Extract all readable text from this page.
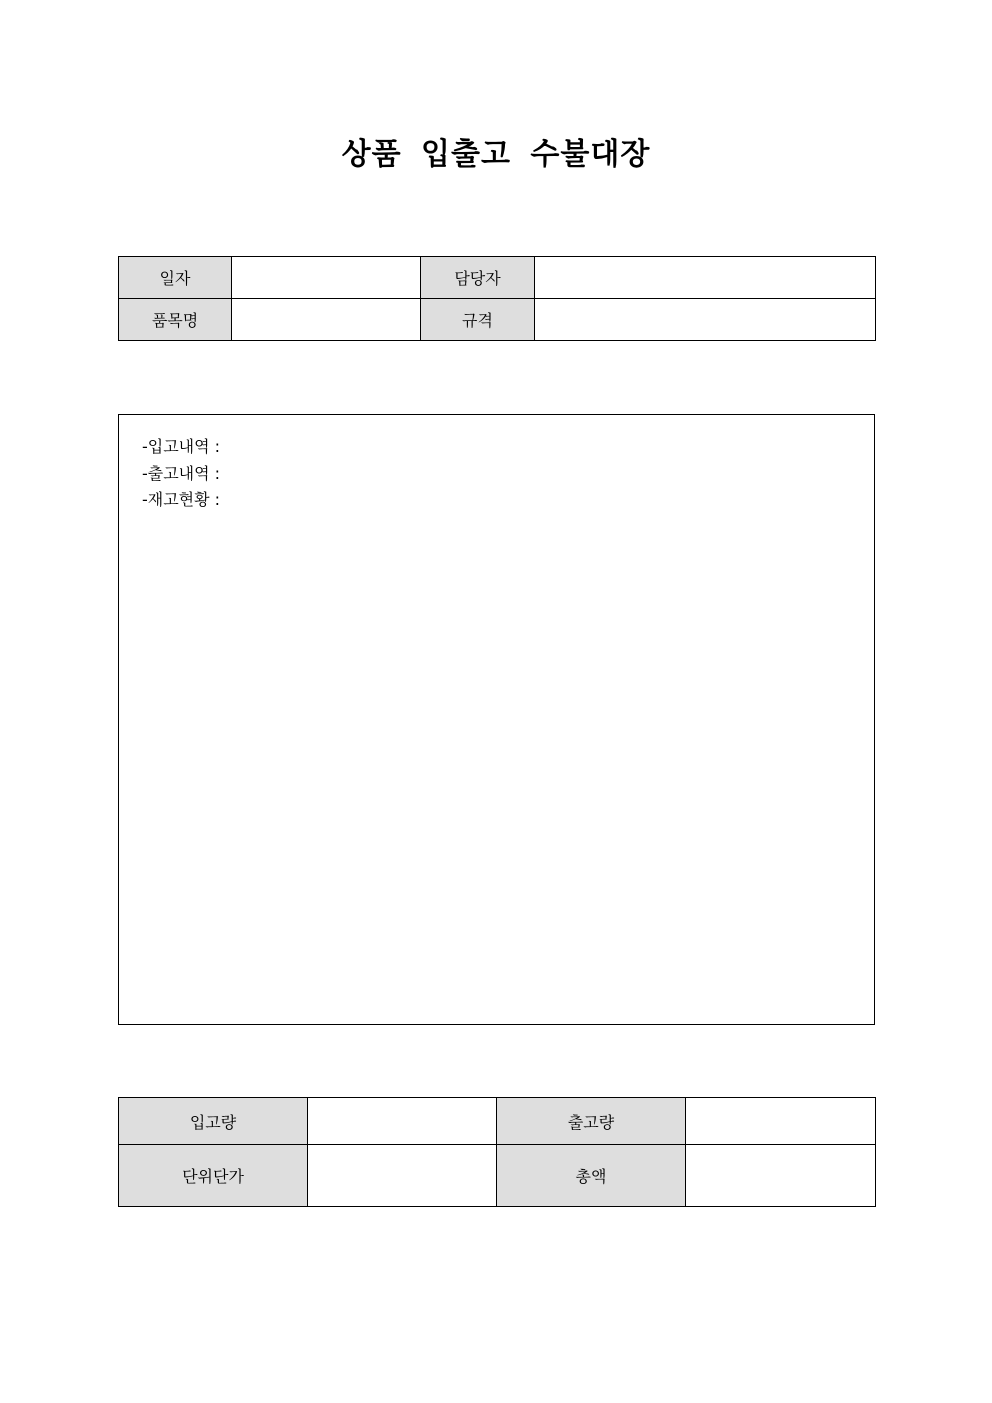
상품 입출고 수불대장
일자		담당자	
품목명		규격	
-입고내역 :
-출고내역 :
-재고현황 :
입고량		출고량	
단위단가		총액	
